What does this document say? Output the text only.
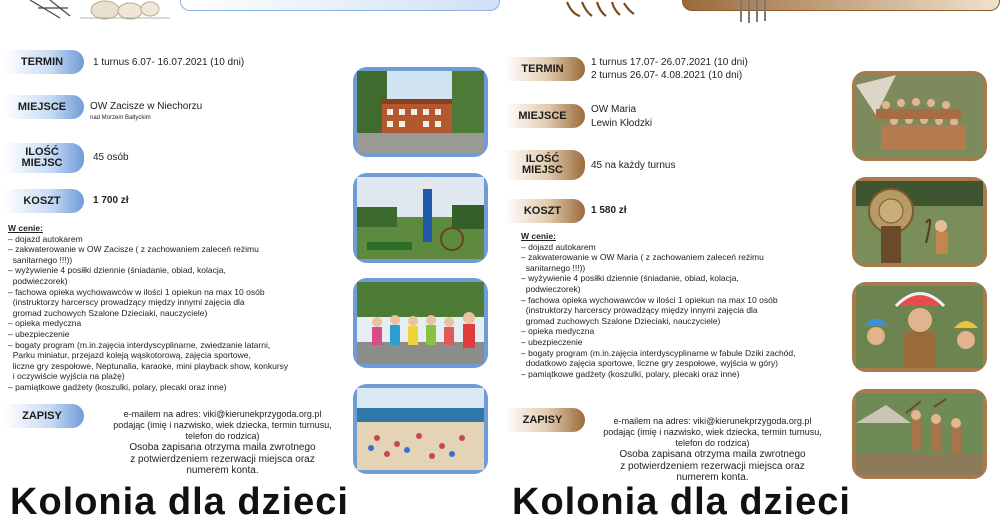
TERMIN	1 turnus 6.07- 16.07.2021 (10 dni)
MIEJSCE OW Zacisze w Niechorzu
nad Morzem Bałtyckim
ILOŚĆ
MIEJSC	45 osób
KOSZT	1 700 zł
W cenie:
– dojazd autokarem
– zakwaterowanie w OW Zacisze ( z zachowaniem zaleceń reżimu
sanitarnego !!!))
– wyżywienie 4 posiłki dziennie (śniadanie, obiad, kolacja,
podwieczorek)
– fachowa opieka wychowawców w ilości 1 opiekun na max 10 osób
(instruktorzy harcerscy prowadzący między innymi zajęcia dla
gromad zuchowych Szalone Dzieciaki, nauczyciele)
– opieka medyczna
– ubezpieczenie
– bogaty program (m.in.zajęcia interdyscyplinarne, zwiedzanie latarni,
Parku miniatur, przejazd koleją wąskotorową, zajęcia sportowe,
liczne gry zespołowe, Neptunalia, karaoke, mini playback show, konkursy
i oczywiście wyjścia na plażę)
– pamiątkowe gadżety (koszulki, polary, plecaki oraz inne)
ZAPISY	e-mailem na adres: viki@kierunekprzygoda.org.pl
podając (imię i nazwisko, wiek dziecka, termin turnusu,
telefon do rodzica)
Osoba zapisana otrzyma maila zwrotnego
z potwierdzeniem rezerwacji miejsca oraz
numerem konta.
Kolonia dla dzieci
TERMIN	1 turnus 17.07- 26.07.2021 (10 dni)
2 turnus 26.07- 4.08.2021 (10 dni)
MIEJSCE OW Maria
Lewin Kłodzki
ILOŚĆ
MIEJSC	45 na każdy turnus
KOSZT	1 580 zł
W cenie:
– dojazd autokarem
– zakwaterowanie w OW Maria ( z zachowaniem zaleceń reżimu
sanitarnego !!!))
– wyżywienie 4 posiłki dziennie (śniadanie, obiad, kolacja,
podwieczorek)
– fachowa opieka wychowawców w ilości 1 opiekun na max 10 osób
(instruktorzy harcerscy prowadzący między innymi zajęcia dla
gromad zuchowych Szalone Dzieciaki, nauczyciele)
– opieka medyczna
– ubezpieczenie
– bogaty program (m.in.zajęcia interdyscyplinarne w fabule Dziki zachód,
dodatkowo zajęcia sportowe, liczne gry zespołowe, wyjścia w góry)
– pamiątkowe gadżety (koszulki, polary, plecaki oraz inne)
ZAPISY	e-mailem na adres: viki@kierunekprzygoda.org.pl
podając (imię i nazwisko, wiek dziecka, termin turnusu,
telefon do rodzica)
Osoba zapisana otrzyma maila zwrotnego
z potwierdzeniem rezerwacji miejsca oraz
numerem konta.
Kolonia dla dzieci
